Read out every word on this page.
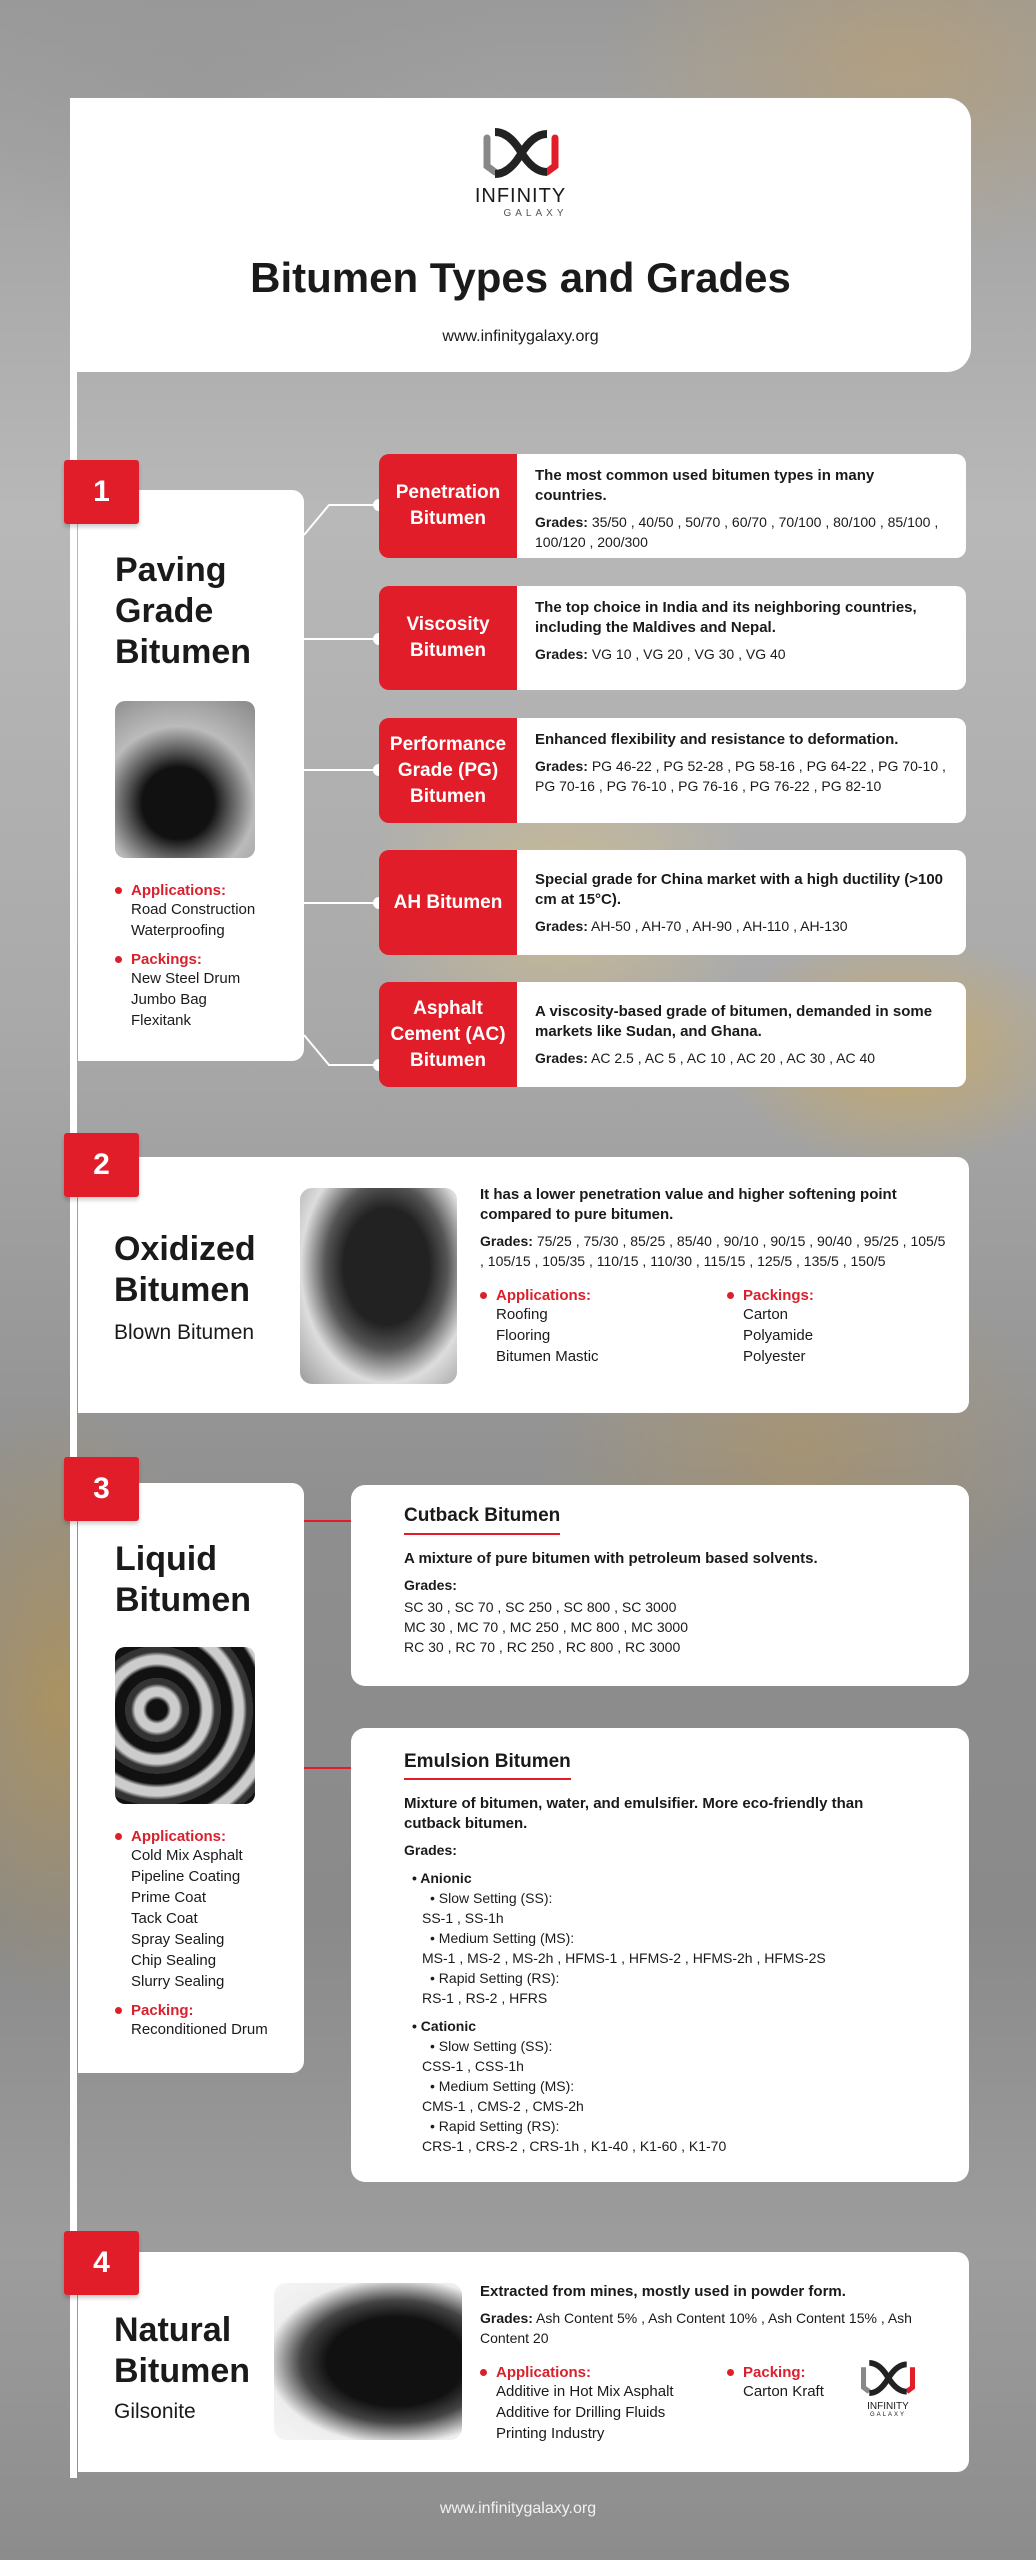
INFINITY
GALAXY
Bitumen Types and Grades
www.infinitygalaxy.org
Paving
Grade
Bitumen
Applications:
Road Construction
Waterproofing
Packings:
New Steel Drum
Jumbo Bag
Flexitank
1	Penetration Bitumen
The most common used bitumen types in many countries.
Grades: 35/50 , 40/50 , 50/70 , 60/70 , 70/100 , 80/100 , 85/100 , 100/120 , 200/300
Viscosity Bitumen
The top choice in India and its neighboring countries, including the Maldives and Nepal.
Grades: VG 10 , VG 20 , VG 30 , VG 40
Performance Grade (PG) Bitumen
Enhanced flexibility and resistance to deformation.
Grades: PG 46-22 , PG 52-28 , PG 58-16 , PG 64-22 , PG 70-10 , PG 70-16 , PG 76-10 , PG 76-16 , PG 76-22 , PG 82-10
AH Bitumen
Special grade for China market with a high ductility (>100 cm at 15°C).
Grades: AH-50 , AH-70 , AH-90 , AH-110 , AH-130
Asphalt Cement (AC) Bitumen
A viscosity-based grade of bitumen, demanded in some markets like Sudan, and Ghana.
Grades: AC 2.5 , AC 5 , AC 10 , AC 20 , AC 30 , AC 40
Oxidized
Bitumen
Blown Bitumen
It has a lower penetration value and higher softening point compared to pure bitumen.
Grades: 75/25 , 75/30 , 85/25 , 85/40 , 90/10 , 90/15 , 90/40 , 95/25 , 105/5 , 105/15 , 105/35 , 110/15 , 110/30 , 115/15 , 125/5 , 135/5 , 150/5
Applications:
Roofing
Flooring
Bitumen Mastic
Packings:
Carton
Polyamide
Polyester
2
Liquid
Bitumen
Applications:
Cold Mix Asphalt
Pipeline Coating
Prime Coat
Tack Coat
Spray Sealing
Chip Sealing
Slurry Sealing
Packing:
Reconditioned Drum
3
Cutback Bitumen
A mixture of pure bitumen with petroleum based solvents.
Grades:
SC 30 , SC 70 , SC 250 , SC 800 , SC 3000
MC 30 , MC 70 , MC 250 , MC 800 , MC 3000
RC 30 , RC 70 , RC 250 , RC 800 , RC 3000
Emulsion Bitumen
Mixture of bitumen, water, and emulsifier. More eco-friendly than cutback bitumen.
Grades:
• Anionic
• Slow Setting (SS):
SS-1 , SS-1h
• Medium Setting (MS):
MS-1 , MS-2 , MS-2h , HFMS-1 , HFMS-2 , HFMS-2h , HFMS-2S
• Rapid Setting (RS):
RS-1 , RS-2 , HFRS
• Cationic
• Slow Setting (SS):
CSS-1 , CSS-1h
• Medium Setting (MS):
CMS-1 , CMS-2 , CMS-2h
• Rapid Setting (RS):
CRS-1 , CRS-2 , CRS-1h , K1-40 , K1-60 , K1-70
Natural
Bitumen
Gilsonite
Extracted from mines, mostly used in powder form.
Grades: Ash Content 5% , Ash Content 10% , Ash Content 15% , Ash Content 20
Applications:
Additive in Hot Mix Asphalt
Additive for Drilling Fluids
Printing Industry
Packing:
Carton Kraft
INFINITY
GALAXY
4
www.infinitygalaxy.org
